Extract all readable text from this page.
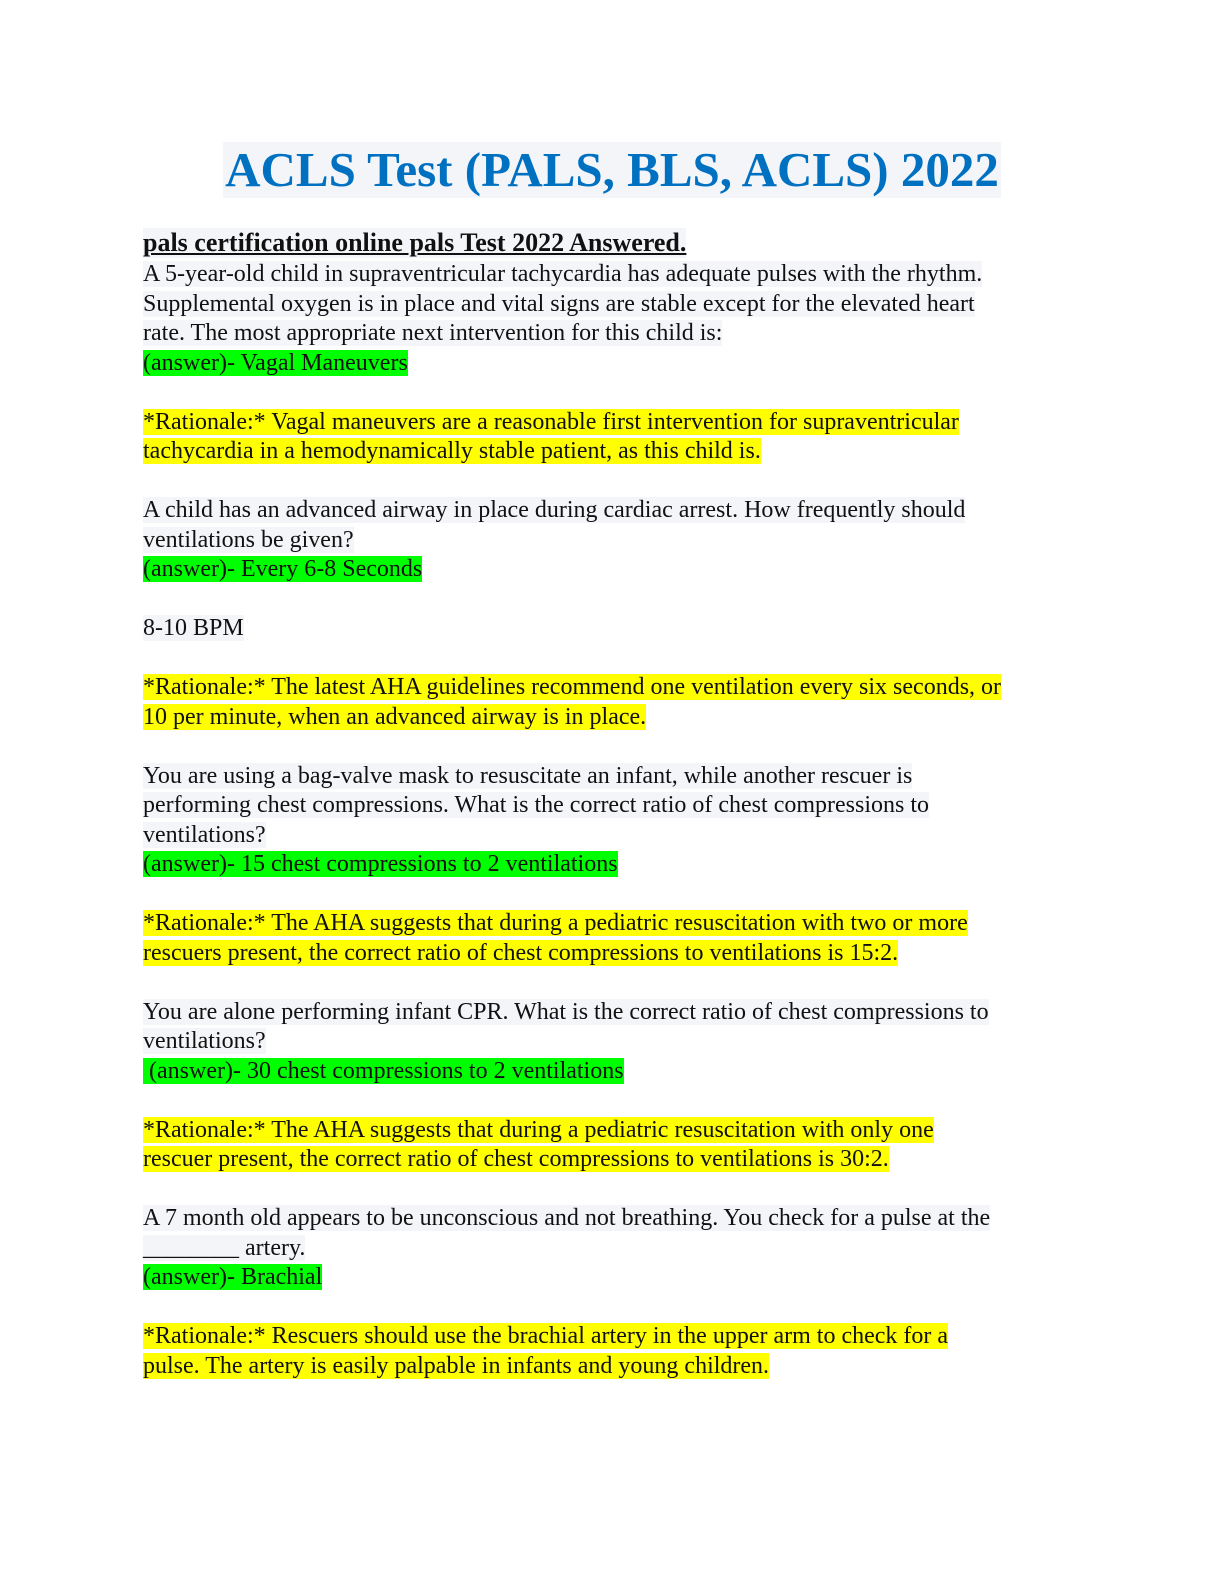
ACLS Test (PALS, BLS, ACLS) 2022
pals certification online pals Test 2022 Answered.
A 5-year-old child in supraventricular tachycardia has adequate pulses with the rhythm.
Supplemental oxygen is in place and vital signs are stable except for the elevated heart
rate. The most appropriate next intervention for this child is:
(answer)- Vagal Maneuvers
*Rationale:* Vagal maneuvers are a reasonable first intervention for supraventricular
tachycardia in a hemodynamically stable patient, as this child is.
A child has an advanced airway in place during cardiac arrest. How frequently should
ventilations be given?
(answer)- Every 6-8 Seconds
8-10 BPM
*Rationale:* The latest AHA guidelines recommend one ventilation every six seconds, or
10 per minute, when an advanced airway is in place.
You are using a bag-valve mask to resuscitate an infant, while another rescuer is
performing chest compressions. What is the correct ratio of chest compressions to
ventilations?
(answer)- 15 chest compressions to 2 ventilations
*Rationale:* The AHA suggests that during a pediatric resuscitation with two or more
rescuers present, the correct ratio of chest compressions to ventilations is 15:2.
You are alone performing infant CPR. What is the correct ratio of chest compressions to
ventilations?
(answer)- 30 chest compressions to 2 ventilations
*Rationale:* The AHA suggests that during a pediatric resuscitation with only one
rescuer present, the correct ratio of chest compressions to ventilations is 30:2.
A 7 month old appears to be unconscious and not breathing. You check for a pulse at the
________ artery.
(answer)- Brachial
*Rationale:* Rescuers should use the brachial artery in the upper arm to check for a
pulse. The artery is easily palpable in infants and young children.
